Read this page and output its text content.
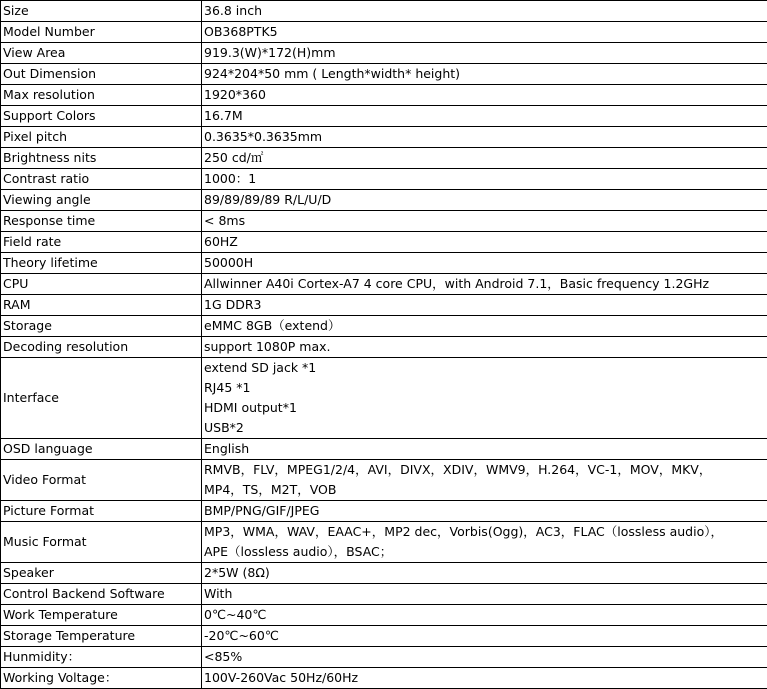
Size	36.8 inch

Model Number	OB368PTK5

View Area	919.3(W)*172(H)mm

Out Dimension	924*204*50 mm ( Length*width* height)

Max resolution	1920*360

Support Colors	16.7M

Pixel pitch	0.3635*0.3635mm

Brightness nits	250 cd/㎡

Contrast ratio	1000：1

Viewing angle	89/89/89/89 R/L/U/D

Response time	< 8ms

Field rate	60HZ

Theory lifetime	50000H

CPU	Allwinner A40i Cortex-A7 4 core CPU，with Android 7.1，Basic frequency 1.2GHz

RAM	1G DDR3

Storage	eMMC 8GB（extend）

Decoding resolution	support 1080P max.

Interface	extend SD jack *1
RJ45 *1
HDMI output*1
USB*2

OSD language	English

Video Format	RMVB，FLV，MPEG1/2/4，AVI，DIVX，XDIV，WMV9，H.264，VC-1，MOV，MKV，
MP4，TS，M2T，VOB

Picture Format	BMP/PNG/GIF/JPEG

Music Format	MP3，WMA，WAV，EAAC+，MP2 dec，Vorbis(Ogg)，AC3，FLAC（lossless audio），
APE（lossless audio），BSAC；

Speaker	2*5W (8Ω)

Control Backend Software	With

Work Temperature	0℃~40℃

Storage Temperature	-20℃~60℃

Hunmidity：	<85%

Working Voltage：	100V-260Vac 50Hz/60Hz
